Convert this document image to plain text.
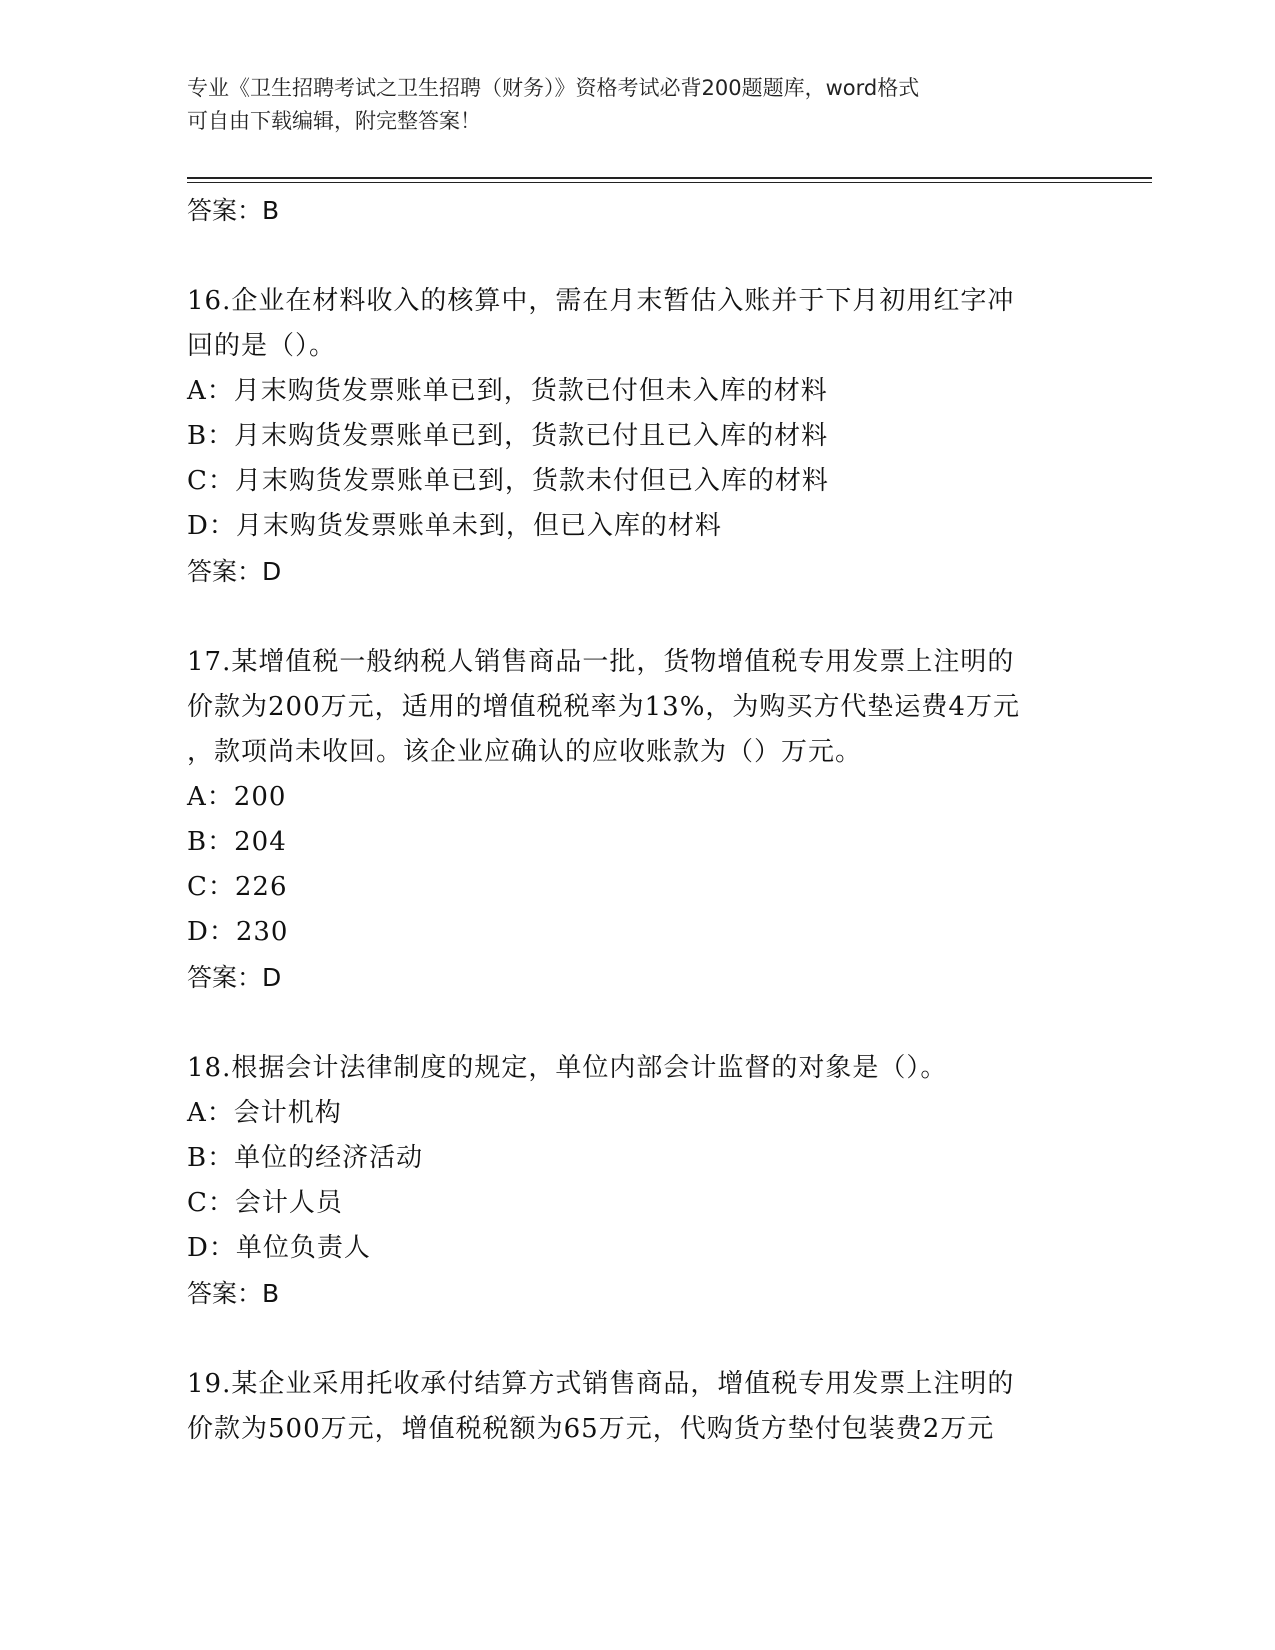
专业《卫生招聘考试之卫生招聘（财务）》资格考试必背200题题库，word格式
可自由下载编辑，附完整答案！
答案：B
16.企业在材料收入的核算中，需在月末暂估入账并于下月初用红字冲
回的是（）。
A：月末购货发票账单已到，货款已付但未入库的材料
B：月末购货发票账单已到，货款已付且已入库的材料
C：月末购货发票账单已到，货款未付但已入库的材料
D：月末购货发票账单未到，但已入库的材料
答案：D
17.某增值税一般纳税人销售商品一批，货物增值税专用发票上注明的
价款为200万元，适用的增值税税率为13%，为购买方代垫运费4万元
，款项尚未收回。该企业应确认的应收账款为（）万元。
A：200
B：204
C：226
D：230
答案：D
18.根据会计法律制度的规定，单位内部会计监督的对象是（）。
A：会计机构
B：单位的经济活动
C：会计人员
D：单位负责人
答案：B
19.某企业采用托收承付结算方式销售商品，增值税专用发票上注明的
价款为500万元，增值税税额为65万元，代购货方垫付包装费2万元
